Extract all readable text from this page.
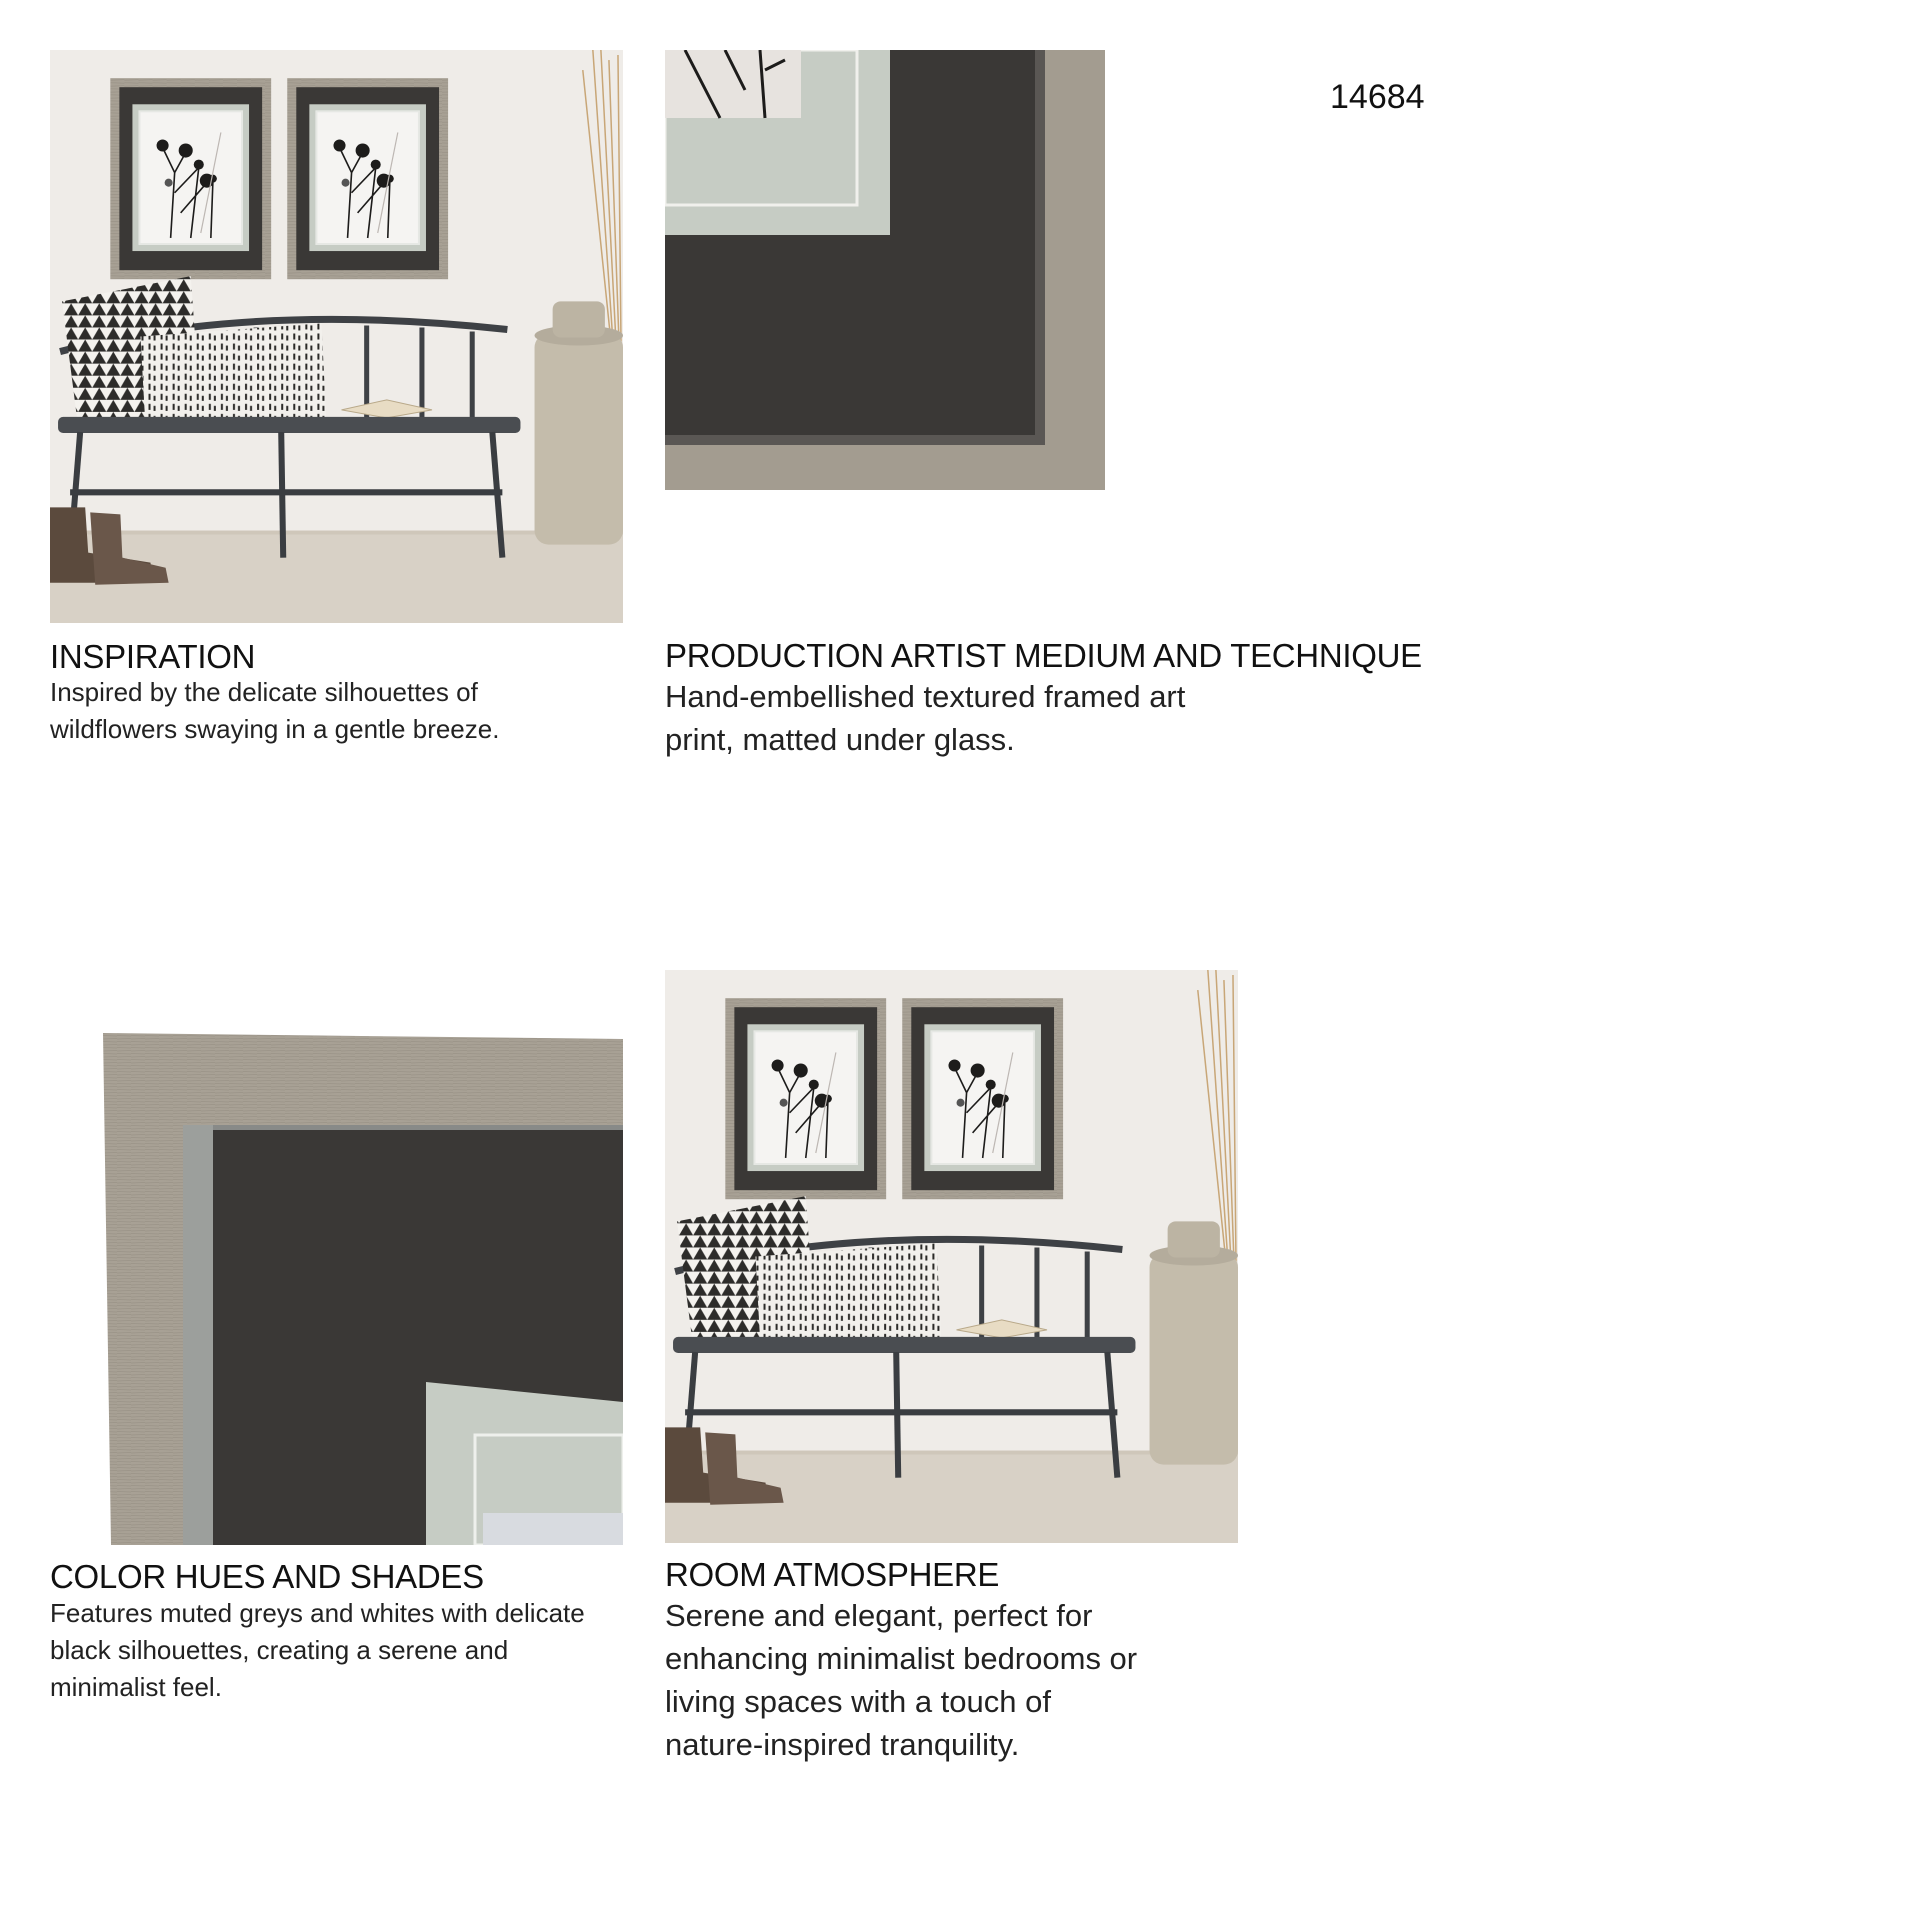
14684
INSPIRATION
Inspired by the delicate silhouettes of
wildflowers swaying in a gentle breeze.
PRODUCTION ARTIST MEDIUM AND TECHNIQUE
Hand-embellished textured framed art
print, matted under glass.
COLOR HUES AND SHADES
Features muted greys and whites with delicate
black silhouettes, creating a serene and
minimalist feel.
ROOM ATMOSPHERE
Serene and elegant, perfect for
enhancing minimalist bedrooms or
living spaces with a touch of
nature-inspired tranquility.
